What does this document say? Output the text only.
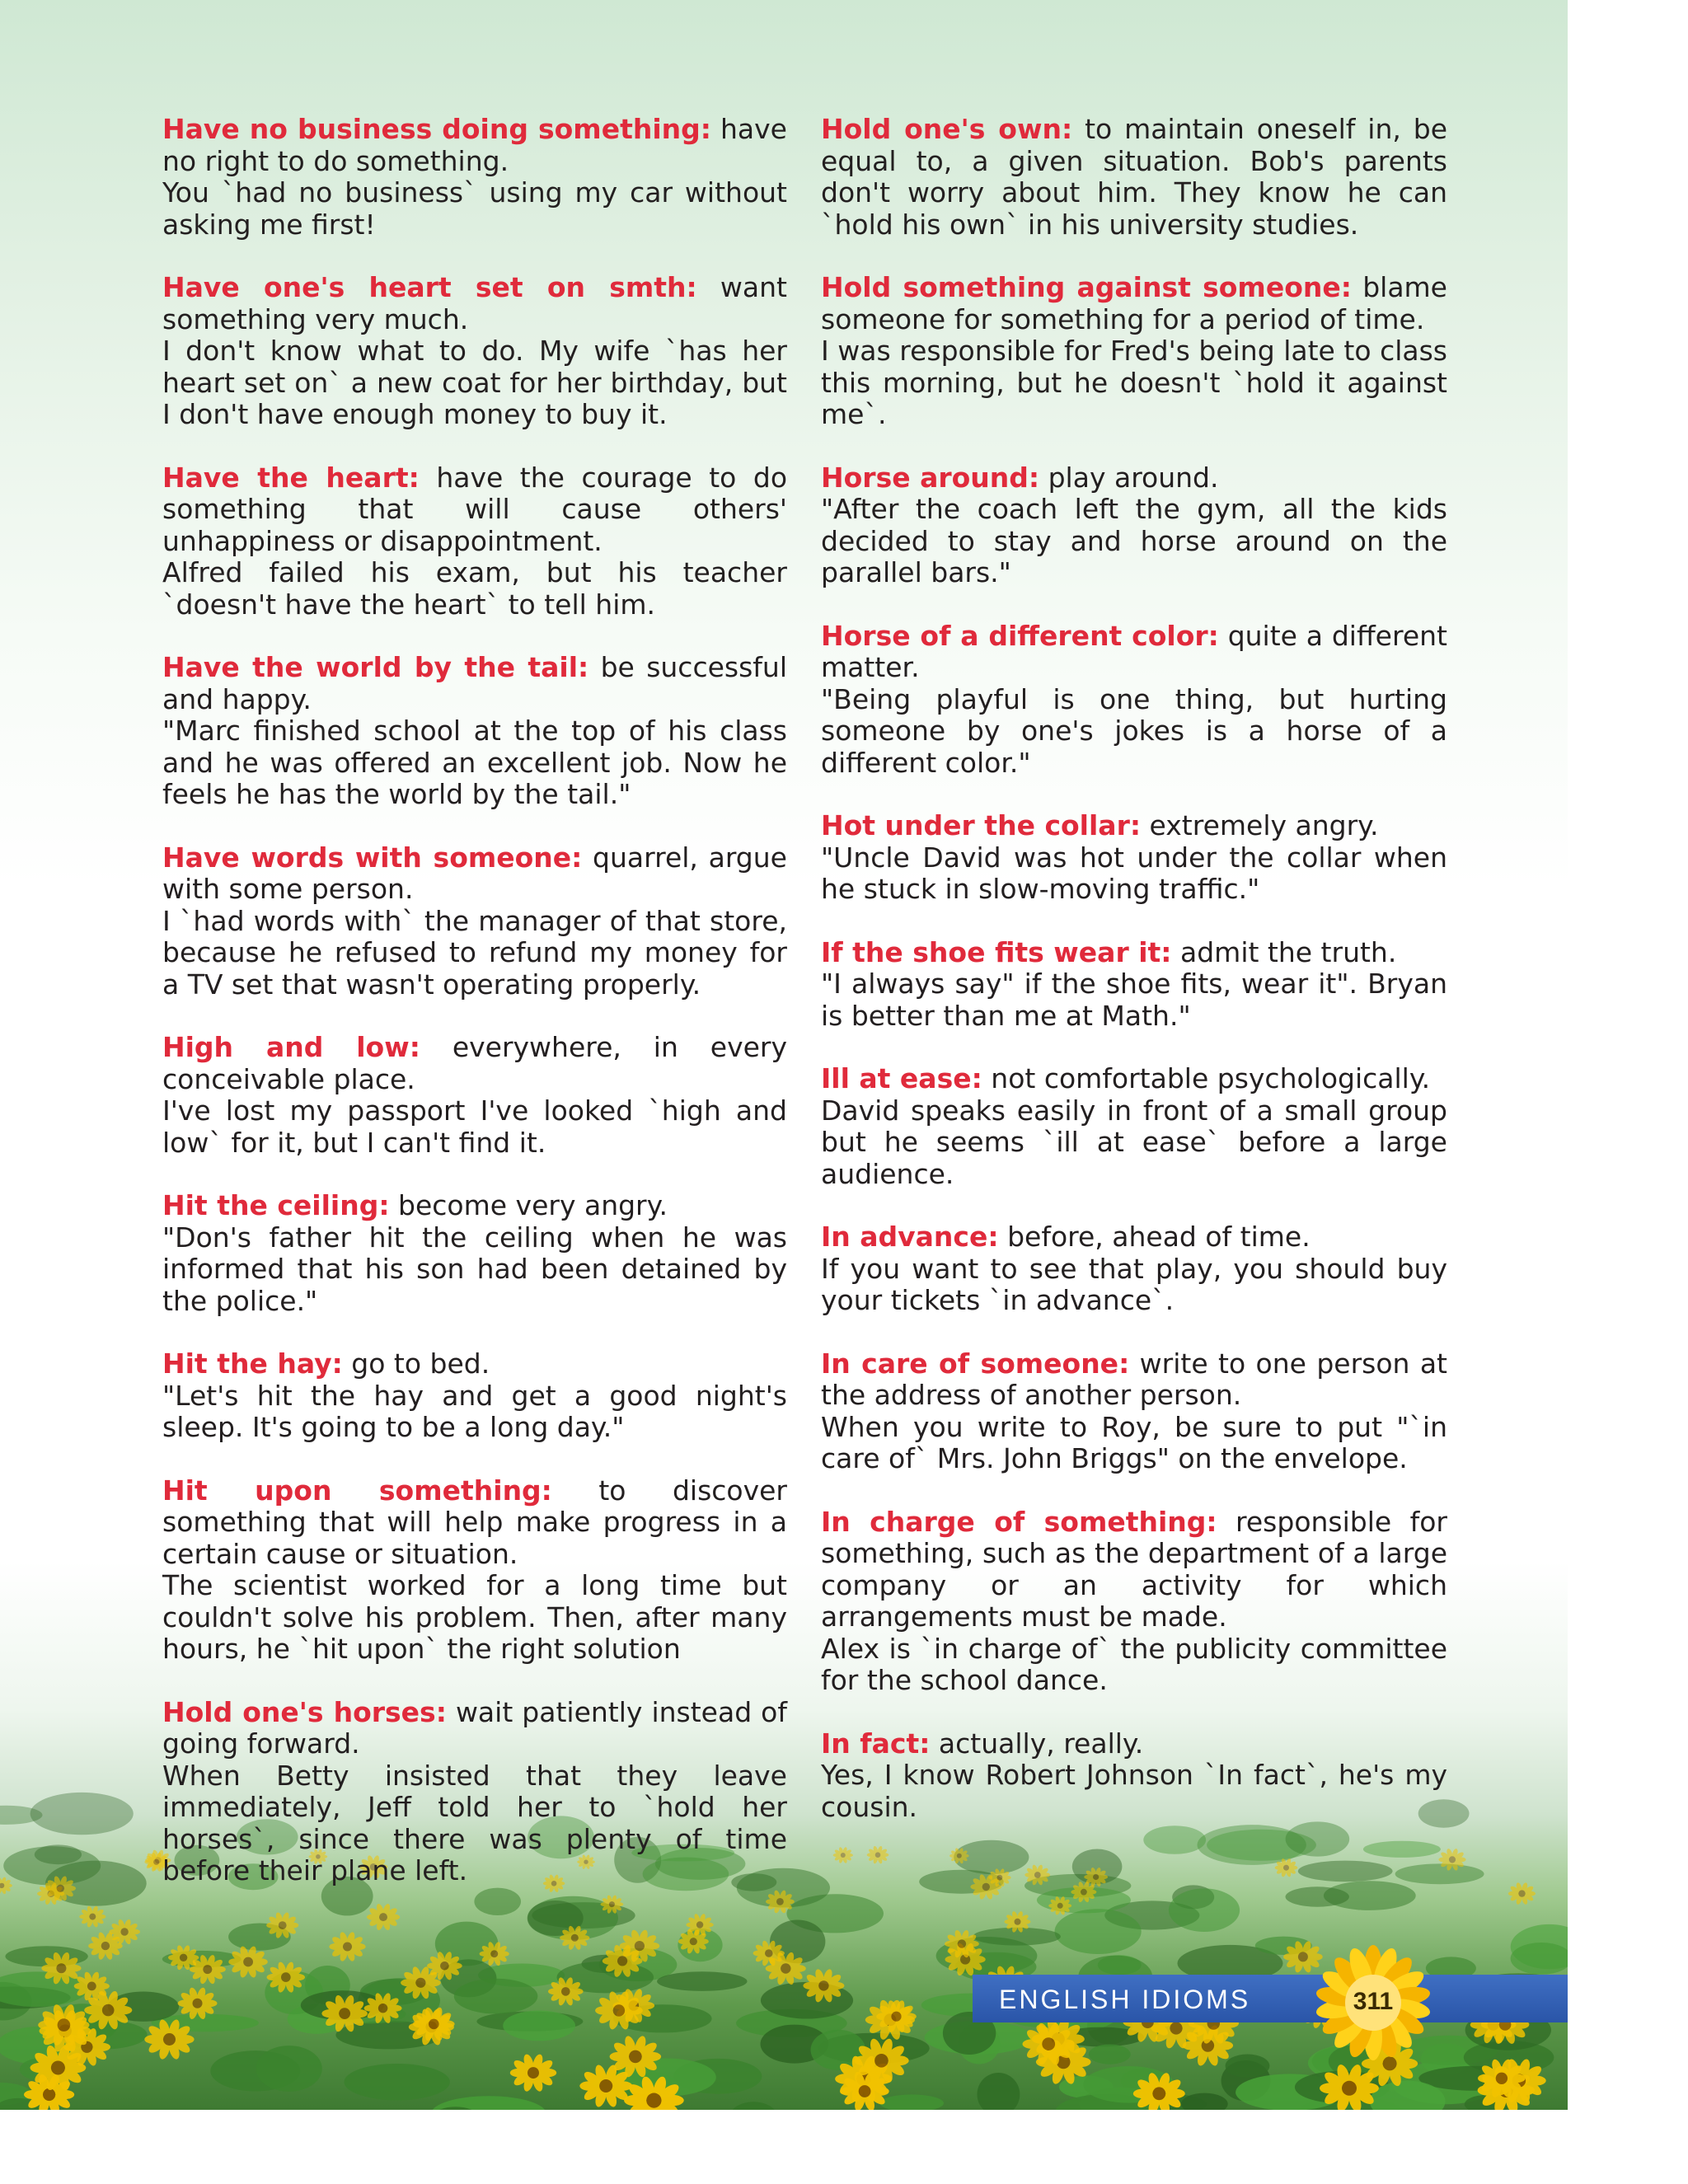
Have no business doing something: have no right to do something.
You `had no business` using my car without asking me first!
Have one's heart set on smth: want something very much.
I don't know what to do. My wife `has her heart set on` a new coat for her birthday, but I don't have enough money to buy it.
Have the heart: have the courage to do something that will cause others' unhappiness or disappointment.
Alfred failed his exam, but his teacher `doesn't have the heart` to tell him.
Have the world by the tail: be successful and happy.
"Marc finished school at the top of his class and he was offered an excellent job. Now he feels he has the world by the tail."
Have words with someone: quarrel, argue with some person.
I `had words with` the manager of that store, because he refused to refund my money for a TV set that wasn't operating properly.
High and low: everywhere, in every conceivable place.
I've lost my passport I've looked `high and low` for it, but I can't find it.
Hit the ceiling: become very angry.
"Don's father hit the ceiling when he was informed that his son had been detained by the police."
Hit the hay: go to bed.
"Let's hit the hay and get a good night's sleep. It's going to be a long day."
Hit upon something: to discover something that will help make progress in a certain cause or situation.
The scientist worked for a long time but couldn't solve his problem. Then, after many hours, he `hit upon` the right solution
Hold one's horses: wait patiently instead of going forward.
When Betty insisted that they leave immediately, Jeff told her to `hold her horses`, since there was plenty of time before their plane left.
Hold one's own: to maintain oneself in, be equal to, a given situation. Bob's parents don't worry about him. They know he can `hold his own` in his university studies.
Hold something against someone: blame someone for something for a period of time.
I was responsible for Fred's being late to class this morning, but he doesn't `hold it against me`.
Horse around: play around.
"After the coach left the gym, all the kids decided to stay and horse around on the parallel bars."
Horse of a different color: quite a different matter.
"Being playful is one thing, but hurting someone by one's jokes is a horse of a different color."
Hot under the collar: extremely angry.
"Uncle David was hot under the collar when he stuck in slow-moving traffic."
If the shoe fits wear it: admit the truth.
"I always say" if the shoe fits, wear it". Bryan is better than me at Math."
Ill at ease: not comfortable psychologically.
David speaks easily in front of a small group but he seems `ill at ease` before a large audience.
In advance: before, ahead of time.
If you want to see that play, you should buy your tickets `in advance`.
In care of someone: write to one person at the address of another person.
When you write to Roy, be sure to put "`in care of` Mrs. John Briggs" on the envelope.
In charge of something: responsible for something, such as the department of a large company or an activity for which arrangements must be made.
Alex is `in charge of` the publicity committee for the school dance.
In fact: actually, really.
Yes, I know Robert Johnson `In fact`, he's my cousin.
ENGLISH IDIOMS	311
